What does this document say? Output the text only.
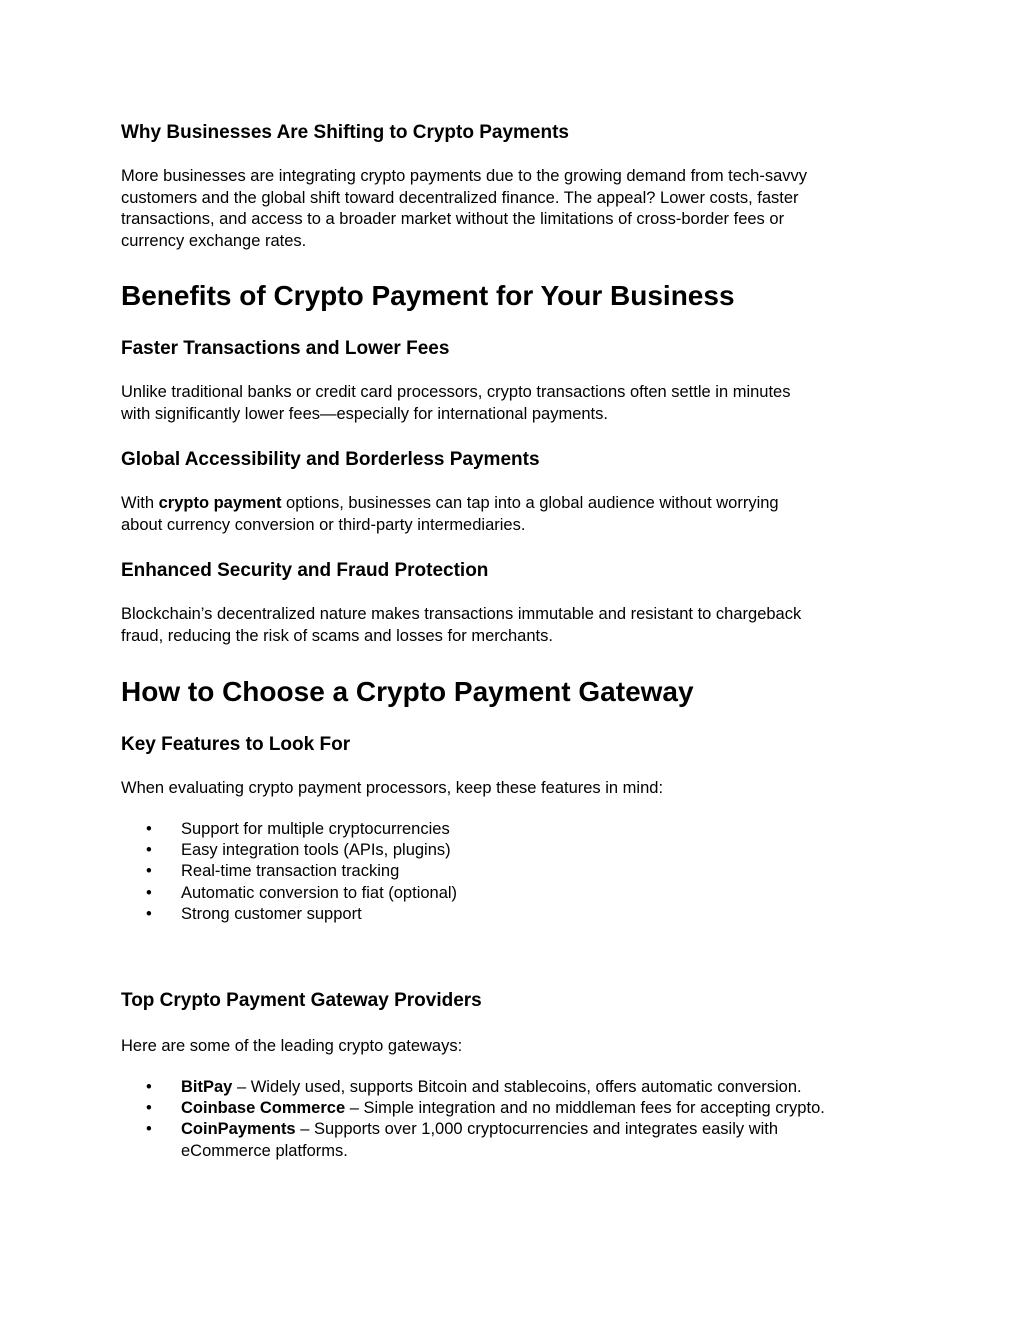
Why Businesses Are Shifting to Crypto Payments

More businesses are integrating crypto payments due to the growing demand from tech-savvy
customers and the global shift toward decentralized finance. The appeal? Lower costs, faster
transactions, and access to a broader market without the limitations of cross-border fees or
currency exchange rates.

Benefits of Crypto Payment for Your Business
Faster Transactions and Lower Fees

Unlike traditional banks or credit card processors, crypto transactions often settle in minutes
with significantly lower fees—especially for international payments.

Global Accessibility and Borderless Payments

With crypto payment options, businesses can tap into a global audience without worrying
about currency conversion or third-party intermediaries.

Enhanced Security and Fraud Protection

Blockchain’s decentralized nature makes transactions immutable and resistant to chargeback
fraud, reducing the risk of scams and losses for merchants.

How to Choose a Crypto Payment Gateway
Key Features to Look For

When evaluating crypto payment processors, keep these features in mind:

• Support for multiple cryptocurrencies
• Easy integration tools (APIs, plugins)
• Real-time transaction tracking
• Automatic conversion to fiat (optional)
• Strong customer support
Top Crypto Payment Gateway Providers

Here are some of the leading crypto gateways:

• BitPay – Widely used, supports Bitcoin and stablecoins, offers automatic conversion.
• Coinbase Commerce – Simple integration and no middleman fees for accepting crypto.
• CoinPayments – Supports over 1,000 cryptocurrencies and integrates easily with
eCommerce platforms.
